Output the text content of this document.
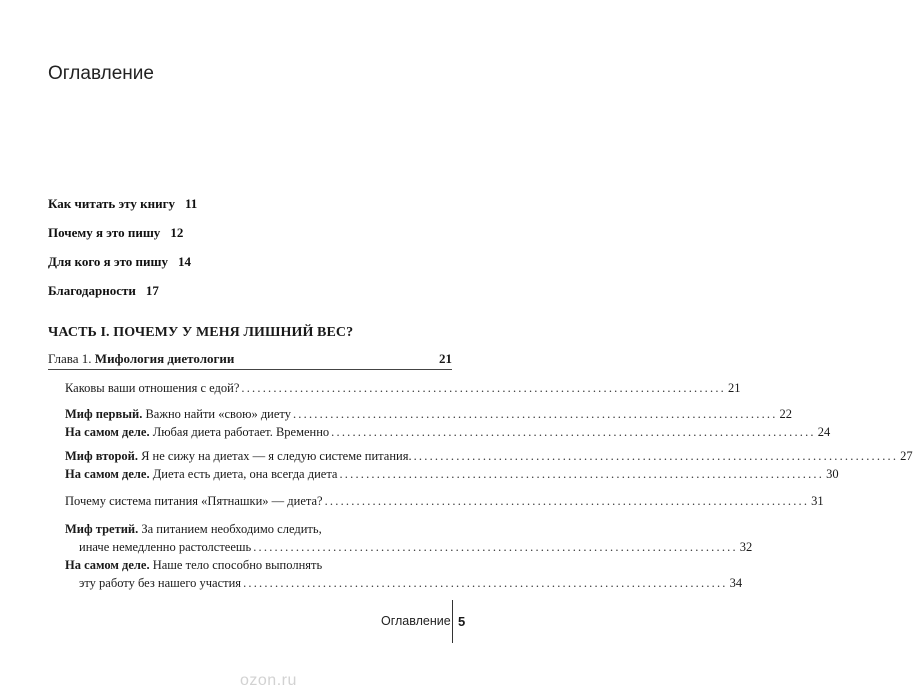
Оглавление
Как читать эту книгу 11
Почему я это пишу 12
Для кого я это пишу 14
Благодарности 17
ЧАСТЬ I. ПОЧЕМУ У МЕНЯ ЛИШНИЙ ВЕС?
Глава 1.
Мифология диетологии	21
Каковы ваши отношения с едой? ........................................................................................... 21
Миф первый. Важно найти «свою» диету ........................................................................................... 22
На самом деле. Любая диета работает. Временно ........................................................................................... 24
Миф второй. Я не сижу на диетах — я следую системе питания. ........................................................................................... 27
На самом деле. Диета есть диета, она всегда диета ........................................................................................... 30
Почему система питания «Пятнашки» — диета? ........................................................................................... 31
Миф третий. За питанием необходимо следить,
иначе немедленно растолстеешь ........................................................................................... 32
На самом деле. Наше тело способно выполнять
эту работу без нашего участия ........................................................................................... 34
Оглавление 5
ozon.ru
